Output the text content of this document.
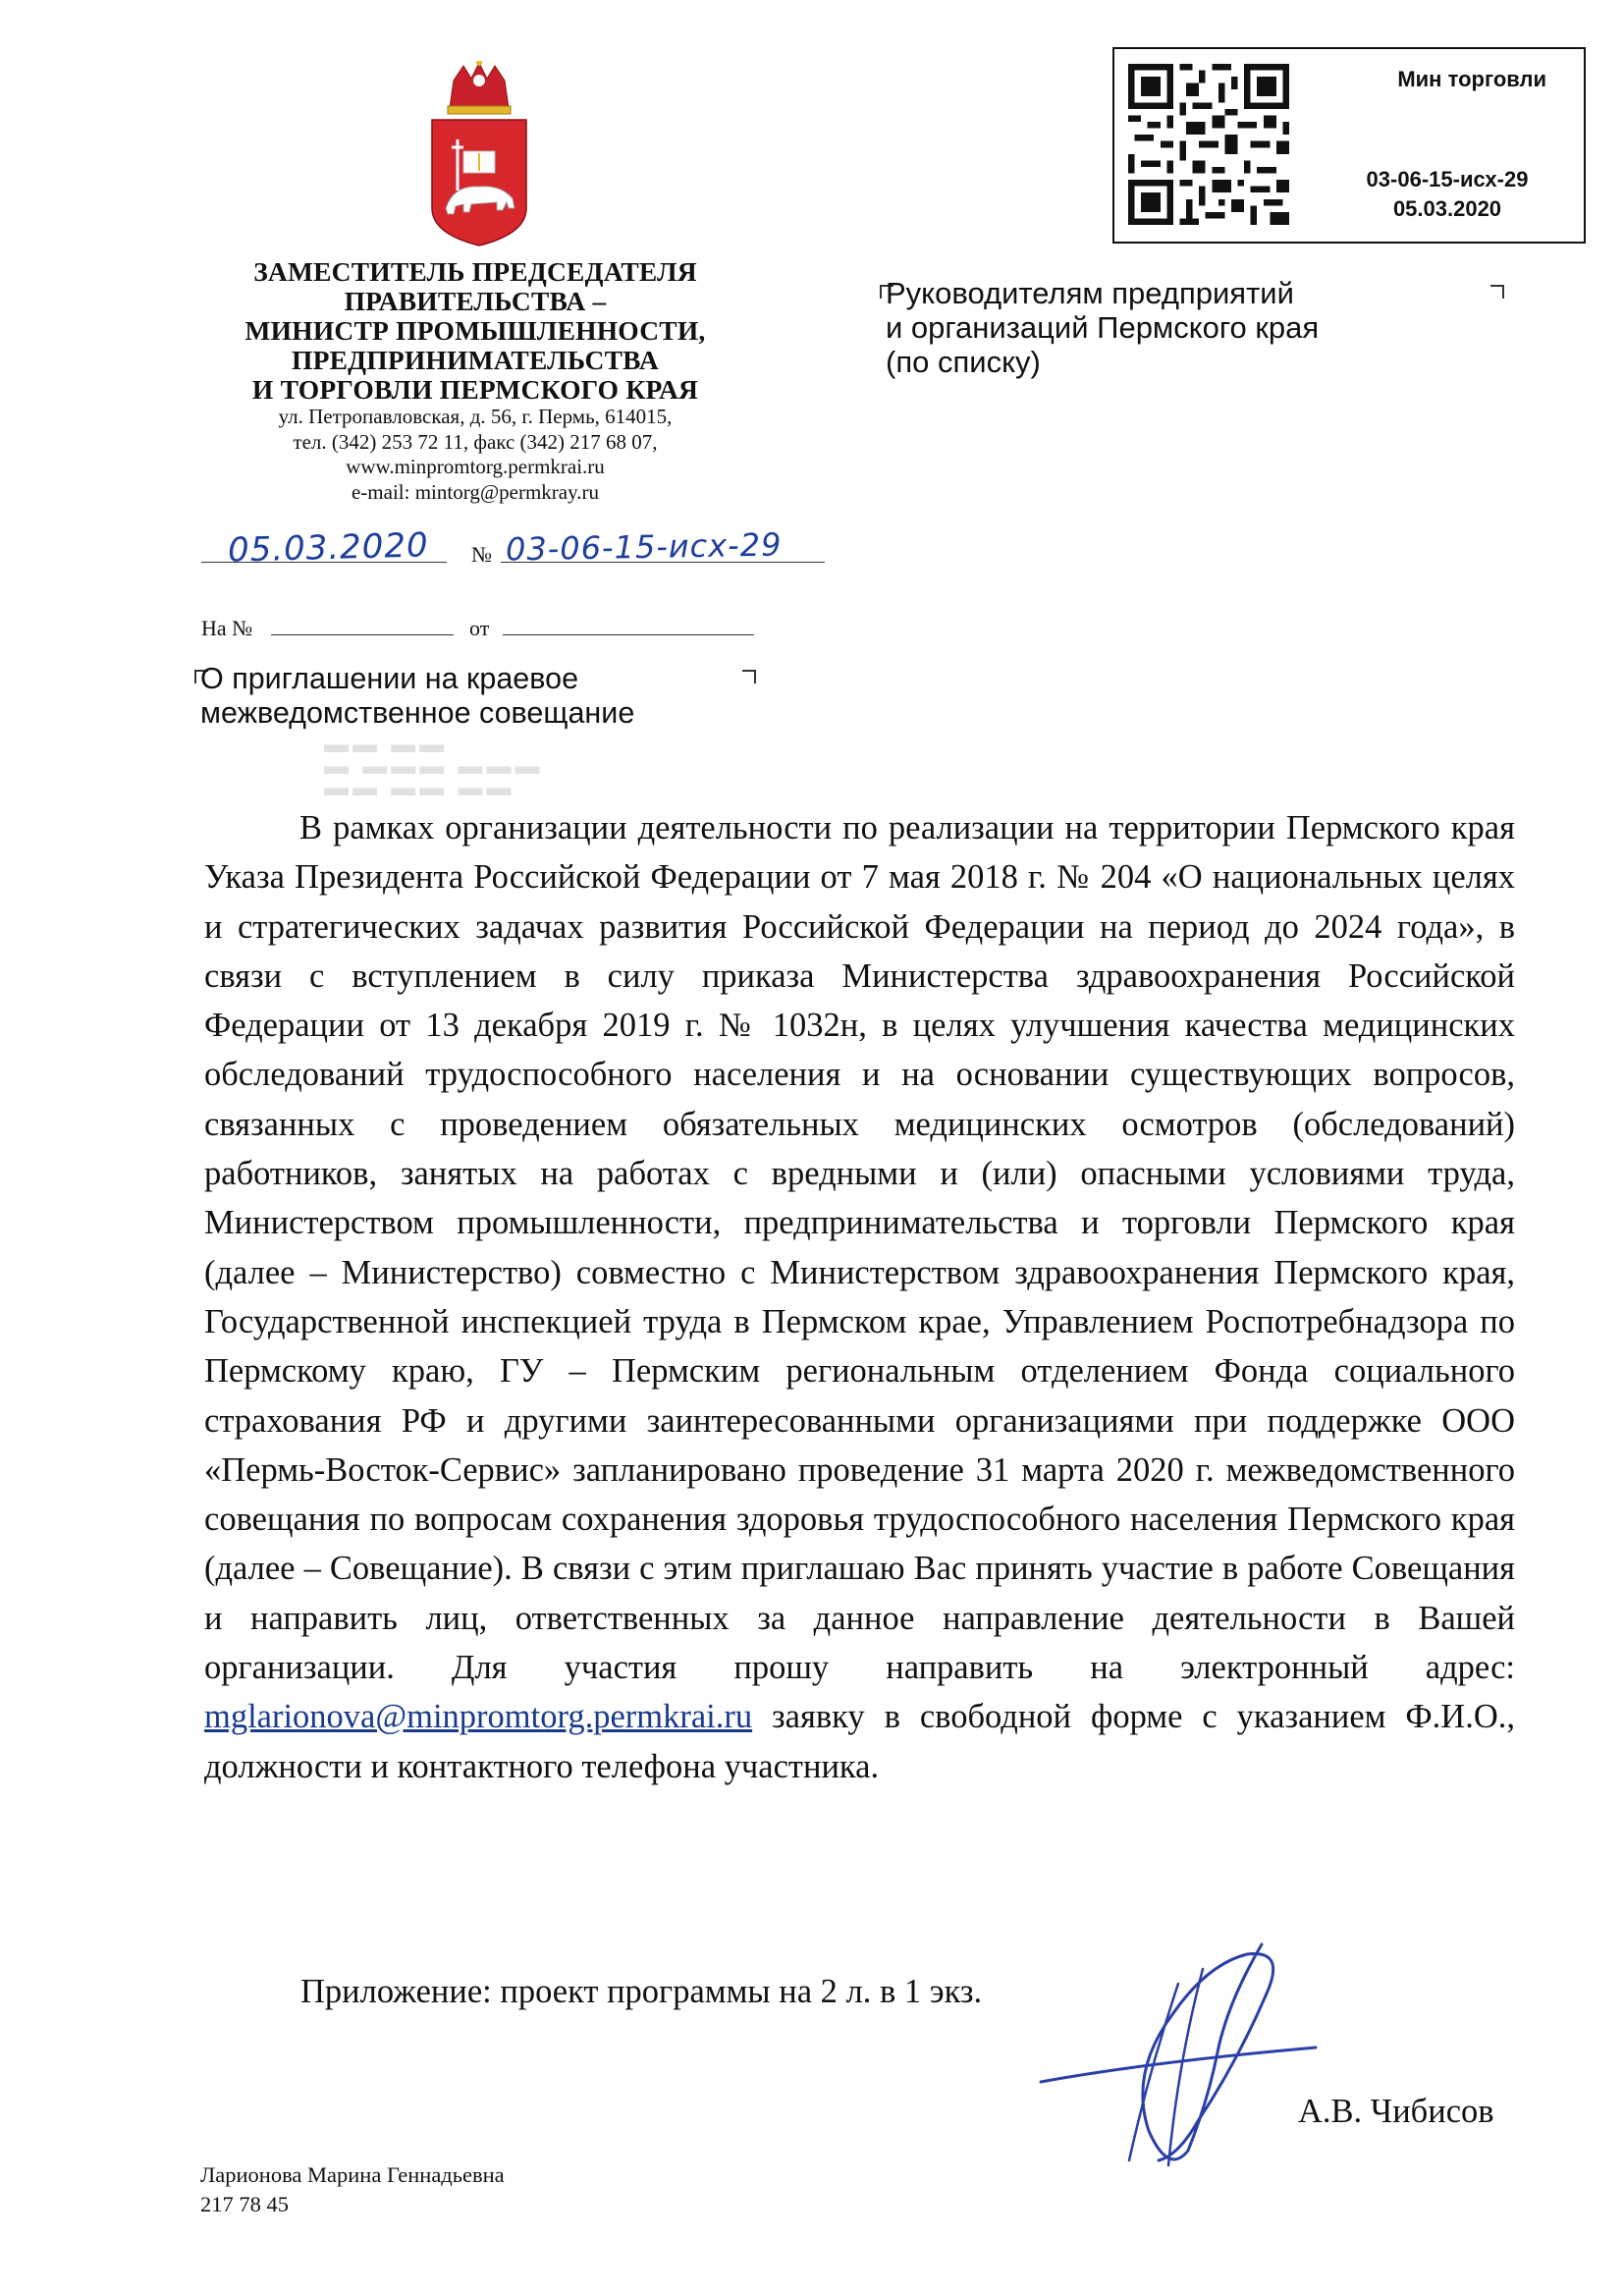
ЗАМЕСТИТЕЛЬ ПРЕДСЕДАТЕЛЯ
ПРАВИТЕЛЬСТВА –
МИНИСТР ПРОМЫШЛЕННОСТИ,
ПРЕДПРИНИМАТЕЛЬСТВА
И ТОРГОВЛИ ПЕРМСКОГО КРАЯ
ул. Петропавловская, д. 56, г. Пермь, 614015,
тел. (342) 253 72 11, факс (342) 217 68 07,
www.minpromtorg.permkrai.ru
e-mail: mintorg@permkray.ru
05.03.2020 № 03-06-15-исх-29
На №	от
О приглашении на краевое
межведомственное совещание
▬▬ ▬▬
▬ ▬▬▬ ▬▬▬
▬▬ ▬▬ ▬▬
Руководителям предприятий
и организаций Пермского края
(по списку)
Мин торговли
03-06-15-исх-29
05.03.2020

В рамках организации деятельности по реализации на территории Пермского края Указа Президента Российской Федерации от 7 мая 2018 г. № 204 «О национальных целях и стратегических задачах развития Российской Федерации на период до 2024 года», в связи с вступлением в силу приказа Министерства здравоохранения Российской Федерации от 13 декабря 2019 г. № 1032н, в целях улучшения качества медицинских обследований трудоспособного населения и на основании существующих вопросов, связанных с проведением обязательных медицинских осмотров (обследований) работников, занятых на работах с вредными и (или) опасными условиями труда, Министерством промышленности, предпринимательства и торговли Пермского края (далее – Министерство) совместно с Министерством здравоохранения Пермского края, Государственной инспекцией труда в Пермском крае, Управлением Роспотребнадзора по Пермскому краю, ГУ – Пермским региональным отделением Фонда социального страхования РФ и другими заинтересованными организациями при поддержке ООО «Пермь-Восток-Сервис» запланировано проведение 31 марта 2020 г. межведомственного совещания по вопросам сохранения здоровья трудоспособного населения Пермского края (далее – Совещание). В связи с этим приглашаю Вас принять участие в работе Совещания и направить лиц, ответственных за данное направление деятельности в Вашей организации. Для участия прошу направить на электронный адрес: mglarionova@minpromtorg.permkrai.ru заявку в свободной форме с указанием Ф.И.О., должности и контактного телефона участника.

Приложение: проект программы на 2 л. в 1 экз.
А.В. Чибисов
Ларионова Марина Геннадьевна
217 78 45
